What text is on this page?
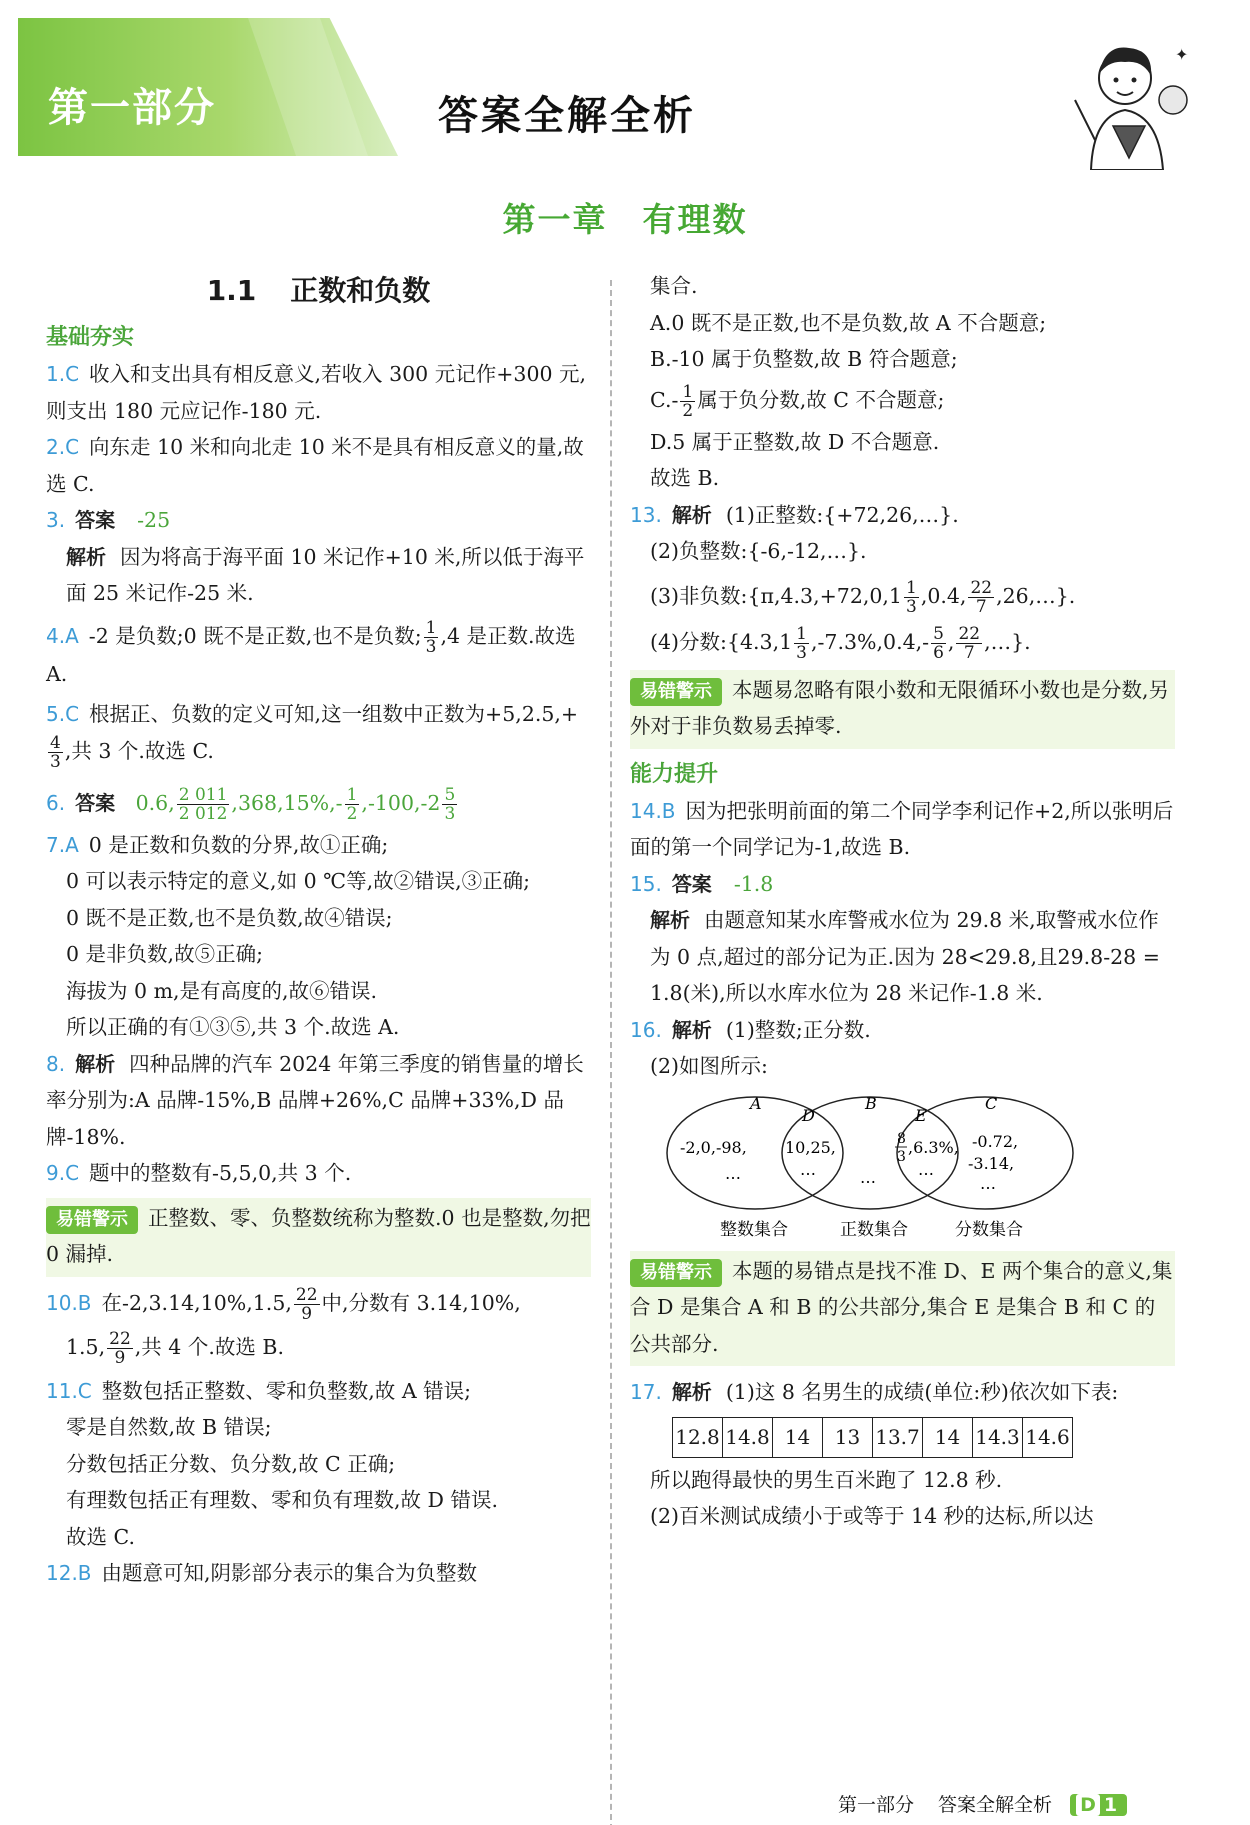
第一部分	答案全解全析
✦
第一章　有理数
1.1 正数和负数
基础夯实
1.C 收入和支出具有相反意义,若收入 300 元记作+300 元,则支出 180 元应记作-180 元.
2.C 向东走 10 米和向北走 10 米不是具有相反意义的量,故选 C.
3. 答案 -25
解析 因为将高于海平面 10 米记作+10 米,所以低于海平面 25 米记作-25 米.
4.A -2 是负数;0 既不是正数,也不是负数; $\frac{1}{3} ,4$ 是正数.故选 A.
5.C 根据正、负数的定义可知,这一组数中正数为+5,2.5,+
$\frac{4}{3}$ ,共 3 个.故选 C.
6. 答案 0.6, $\frac{2 011}{2 012} ,368,15\%,- \frac{1}{2} ,-100,-2 \frac{5}{3}$
7.A 0 是正数和负数的分界,故①正确;
0 可以表示特定的意义,如 0 ℃等,故②错误,③正确;
0 既不是正数,也不是负数,故④错误;
0 是非负数,故⑤正确;
海拔为 0 m,是有高度的,故⑥错误.
所以正确的有①③⑤,共 3 个.故选 A.
8. 解析 四种品牌的汽车 2024 年第三季度的销售量的增长率分别为:A 品牌-15%,B 品牌+26%,C 品牌+33%,D 品牌-18%.
9.C 题中的整数有-5,5,0,共 3 个.
易错警示 正整数、零、负整数统称为整数.0 也是整数,勿把 0 漏掉.
10.B 在-2,3.14,10%,1.5, $\frac{22}{9}$ 中,分数有 3.14,10%,
1.5, $\frac{22}{9}$ ,共 4 个.故选 B.
11.C 整数包括正整数、零和负整数,故 A 错误;
零是自然数,故 B 错误;
分数包括正分数、负分数,故 C 正确;
有理数包括正有理数、零和负有理数,故 D 错误.
故选 C.
12.B 由题意可知,阴影部分表示的集合为负整数
集合.
A.0 既不是正数,也不是负数,故 A 不合题意;
B.-10 属于负整数,故 B 符合题意;
$C.- \frac{1}{2}$ 属于负分数,故 C 不合题意;
D.5 属于正整数,故 D 不合题意.
故选 B.
13. 解析 (1)正整数:{+72,26,…}.
(2)负整数:{-6,-12,…}.
(3)非负数:{π,4.3,+72,0,1 $\frac{1}{3} ,0.4$, $\frac{22}{7}$ ,26,…}.
(4)分数:{4.3,1 $\frac{1}{3} ,-7.3\%,0.4,- \frac{5}{6}$ , $\frac{22}{7}$ ,…}.
易错警示 本题易忽略有限小数和无限循环小数也是分数,另外对于非负数易丢掉零.
能力提升
14.B 因为把张明前面的第二个同学李利记作+2,所以张明后面的第一个同学记为-1,故选 B.
15. 答案 -1.8
解析 由题意知某水库警戒水位为 29.8 米,取警戒水位作为 0 点,超过的部分记为正.因为 28<29.8,且29.8-28 = 1.8(米),所以水库水位为 28 米记作-1.8 米.
16. 解析 (1)整数;正分数.
(2)如图所示:
A
D
B
E
C
-2,0,-98,
…
10,25,
…	…
8
3 ,6.3%,
…
-0.72,
-3.14,
…
整数集合	正数集合	分数集合
易错警示 本题的易错点是找不准 D、E 两个集合的意义,集合 D 是集合 A 和 B 的公共部分,集合 E 是集合 B 和 C 的公共部分.
17. 解析 (1)这 8 名男生的成绩(单位:秒)依次如下表:
12.8	14.8	14	13	13.7	14	14.3	14.6
所以跑得最快的男生百米跑了 12.8 秒.
(2)百米测试成绩小于或等于 14 秒的达标,所以达
第一部分 答案全解全析 D 1
